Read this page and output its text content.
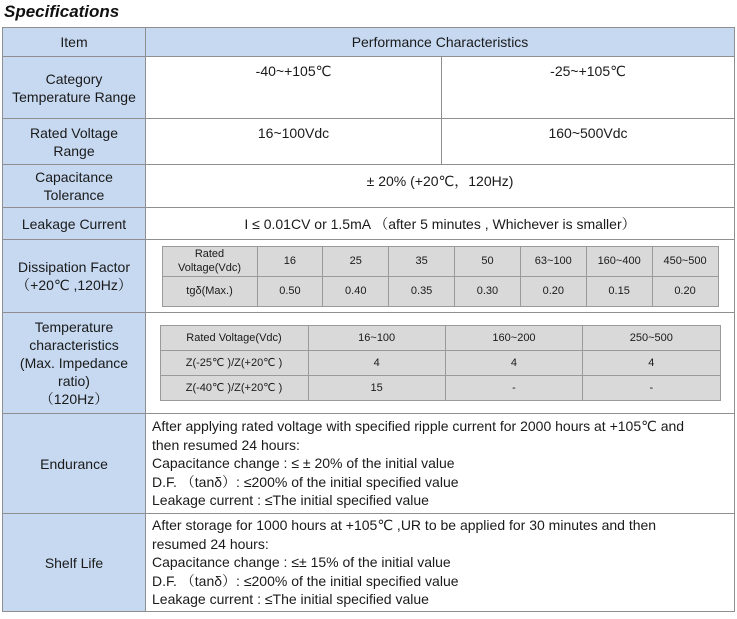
Specifications
Item	Performance Characteristics

Category
Temperature Range
	-40~+105℃	-25~+105℃

Rated Voltage
Range
	16~100Vdc	160~500Vdc

Capacitance
Tolerance
	± 20% (+20℃，120Hz)
Leakage Current	I ≤ 0.01CV or 1.5mA （after 5 minutes , Whichever is smaller）

Dissipation Factor
（+20℃ ,120Hz）

Rated Voltage(Vdc)	16	25	35	50	63~100	160~400	450~500
tgδ(Max.)	0.50	0.40	0.35	0.30	0.20	0.15	0.20

Temperature
characteristics
(Max. Impedance
ratio)
（120Hz）

Rated Voltage(Vdc)	16~100	160~200	250~500
Z(-25℃ )/Z(+20℃ )	4	4	4
Z(-40℃ )/Z(+20℃ )	15	-	-

Endurance	
After applying rated voltage with specified ripple current for 2000 hours at +105℃ and
then resumed 24 hours:
Capacitance change : ≤ ± 20% of the initial value
D.F. （tanδ）: ≤200% of the initial specified value
Leakage current : ≤The initial specified value

Shelf Life	
After storage for 1000 hours at +105℃ ,UR to be applied for 30 minutes and then
resumed 24 hours:
Capacitance change : ≤± 15% of the initial value
D.F. （tanδ）: ≤200% of the initial specified value
Leakage current : ≤The initial specified value
